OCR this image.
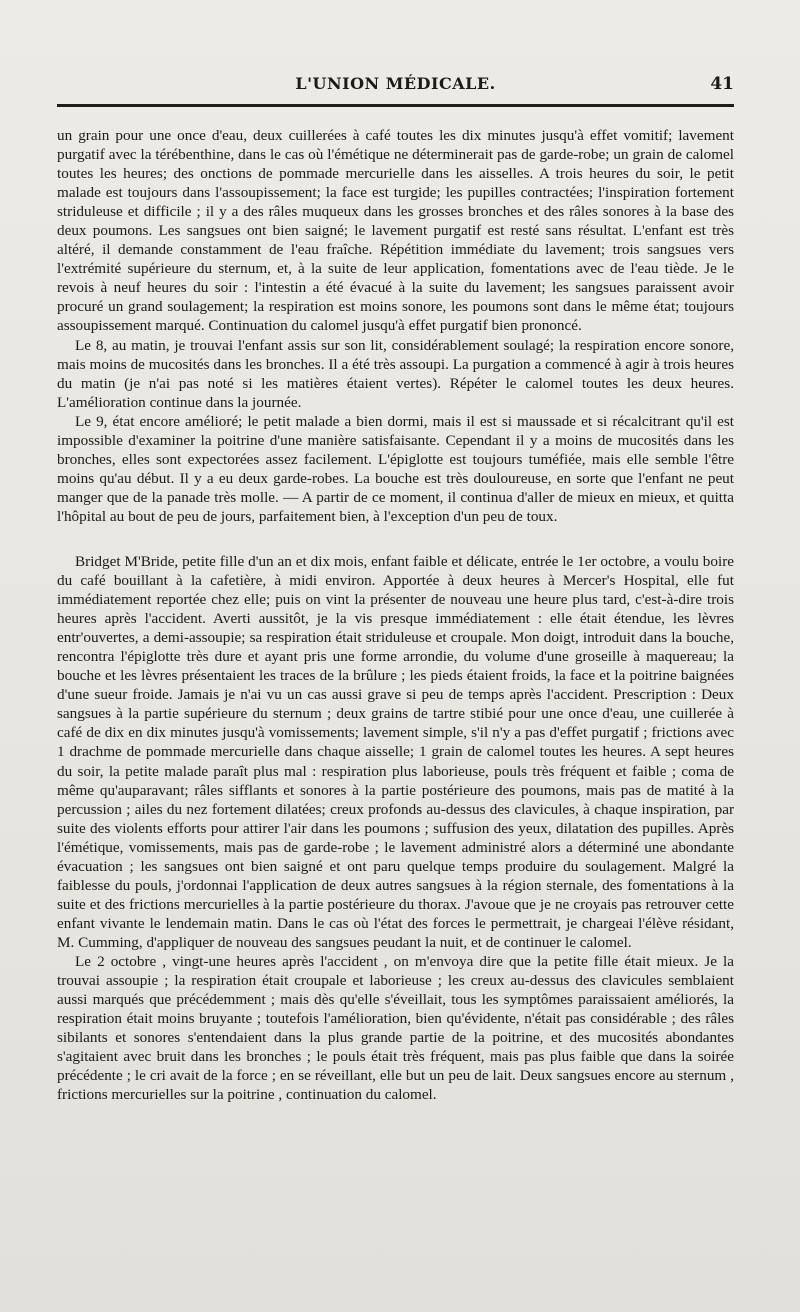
L'UNION MÉDICALE.	41

un grain pour une once d'eau, deux cuillerées à café toutes les dix minutes jusqu'à effet vomitif; lavement purgatif avec la térébenthine, dans le cas où l'émétique ne déterminerait pas de garde-robe; un grain de calomel toutes les heures; des onctions de pommade mercurielle dans les aisselles. A trois heures du soir, le petit malade est toujours dans l'assoupissement; la face est turgide; les pupilles contractées; l'inspiration fortement striduleuse et difficile ; il y a des râles muqueux dans les grosses bronches et des râles sonores à la base des deux poumons. Les sangsues ont bien saigné; le lavement purgatif est resté sans résultat. L'enfant est très altéré, il demande constamment de l'eau fraîche. Répétition immédiate du lavement; trois sangsues vers l'extrémité supérieure du sternum, et, à la suite de leur application, fomentations avec de l'eau tiède. Je le revois à neuf heures du soir : l'intestin a été évacué à la suite du lavement; les sangsues paraissent avoir procuré un grand soulagement; la respiration est moins sonore, les poumons sont dans le même état; toujours assoupissement marqué. Continuation du calomel jusqu'à effet purgatif bien prononcé.

Le 8, au matin, je trouvai l'enfant assis sur son lit, considérablement soulagé; la respiration encore sonore, mais moins de mucosités dans les bronches. Il a été très assoupi. La purgation a commencé à agir à trois heures du matin (je n'ai pas noté si les matières étaient vertes). Répéter le calomel toutes les deux heures. L'amélioration continue dans la journée.

Le 9, état encore amélioré; le petit malade a bien dormi, mais il est si maussade et si récalcitrant qu'il est impossible d'examiner la poitrine d'une manière satisfaisante. Cependant il y a moins de mucosités dans les bronches, elles sont expectorées assez facilement. L'épiglotte est toujours tuméfiée, mais elle semble l'être moins qu'au début. Il y a eu deux garde-robes. La bouche est très douloureuse, en sorte que l'enfant ne peut manger que de la panade très molle. — A partir de ce moment, il continua d'aller de mieux en mieux, et quitta l'hôpital au bout de peu de jours, parfaitement bien, à l'exception d'un peu de toux.

Bridget M'Bride, petite fille d'un an et dix mois, enfant faible et délicate, entrée le 1er octobre, a voulu boire du café bouillant à la cafetière, à midi environ. Apportée à deux heures à Mercer's Hospital, elle fut immédiatement reportée chez elle; puis on vint la présenter de nouveau une heure plus tard, c'est-à-dire trois heures après l'accident. Averti aussitôt, je la vis presque immédiatement : elle était étendue, les lèvres entr'ouvertes, a demi-assoupie; sa respiration était striduleuse et croupale. Mon doigt, introduit dans la bouche, rencontra l'épiglotte très dure et ayant pris une forme arrondie, du volume d'une groseille à maquereau; la bouche et les lèvres présentaient les traces de la brûlure ; les pieds étaient froids, la face et la poitrine baignées d'une sueur froide. Jamais je n'ai vu un cas aussi grave si peu de temps après l'accident. Prescription : Deux sangsues à la partie supérieure du sternum ; deux grains de tartre stibié pour une once d'eau, une cuillerée à café de dix en dix minutes jusqu'à vomissements; lavement simple, s'il n'y a pas d'effet purgatif ; frictions avec 1 drachme de pommade mercurielle dans chaque aisselle; 1 grain de calomel toutes les heures. A sept heures du soir, la petite malade paraît plus mal : respiration plus laborieuse, pouls très fréquent et faible ; coma de même qu'auparavant; râles sifflants et sonores à la partie postérieure des poumons, mais pas de matité à la percussion ; ailes du nez fortement dilatées; creux profonds au-dessus des clavicules, à chaque inspiration, par suite des violents efforts pour attirer l'air dans les poumons ; suffusion des yeux, dilatation des pupilles. Après l'émétique, vomissements, mais pas de garde-robe ; le lavement administré alors a déterminé une abondante évacuation ; les sangsues ont bien saigné et ont paru quelque temps produire du soulagement. Malgré la faiblesse du pouls, j'ordonnai l'application de deux autres sangsues à la région sternale, des fomentations à la suite et des frictions mercurielles à la partie postérieure du thorax. J'avoue que je ne croyais pas retrouver cette enfant vivante le lendemain matin. Dans le cas où l'état des forces le permettrait, je chargeai l'élève résidant, M. Cumming, d'appliquer de nouveau des sangsues peudant la nuit, et de continuer le calomel.

Le 2 octobre , vingt-une heures après l'accident , on m'envoya dire que la petite fille était mieux. Je la trouvai assoupie ; la respiration était croupale et laborieuse ; les creux au-dessus des clavicules semblaient aussi marqués que précédemment ; mais dès qu'elle s'éveillait, tous les symptômes paraissaient améliorés, la respiration était moins bruyante ; toutefois l'amélioration, bien qu'évidente, n'était pas considérable ; des râles sibilants et sonores s'entendaient dans la plus grande partie de la poitrine, et des mucosités abondantes s'agitaient avec bruit dans les bronches ; le pouls était très fréquent, mais pas plus faible que dans la soirée précédente ; le cri avait de la force ; en se réveillant, elle but un peu de lait. Deux sangsues encore au sternum , frictions mercurielles sur la poitrine , continuation du calomel.
